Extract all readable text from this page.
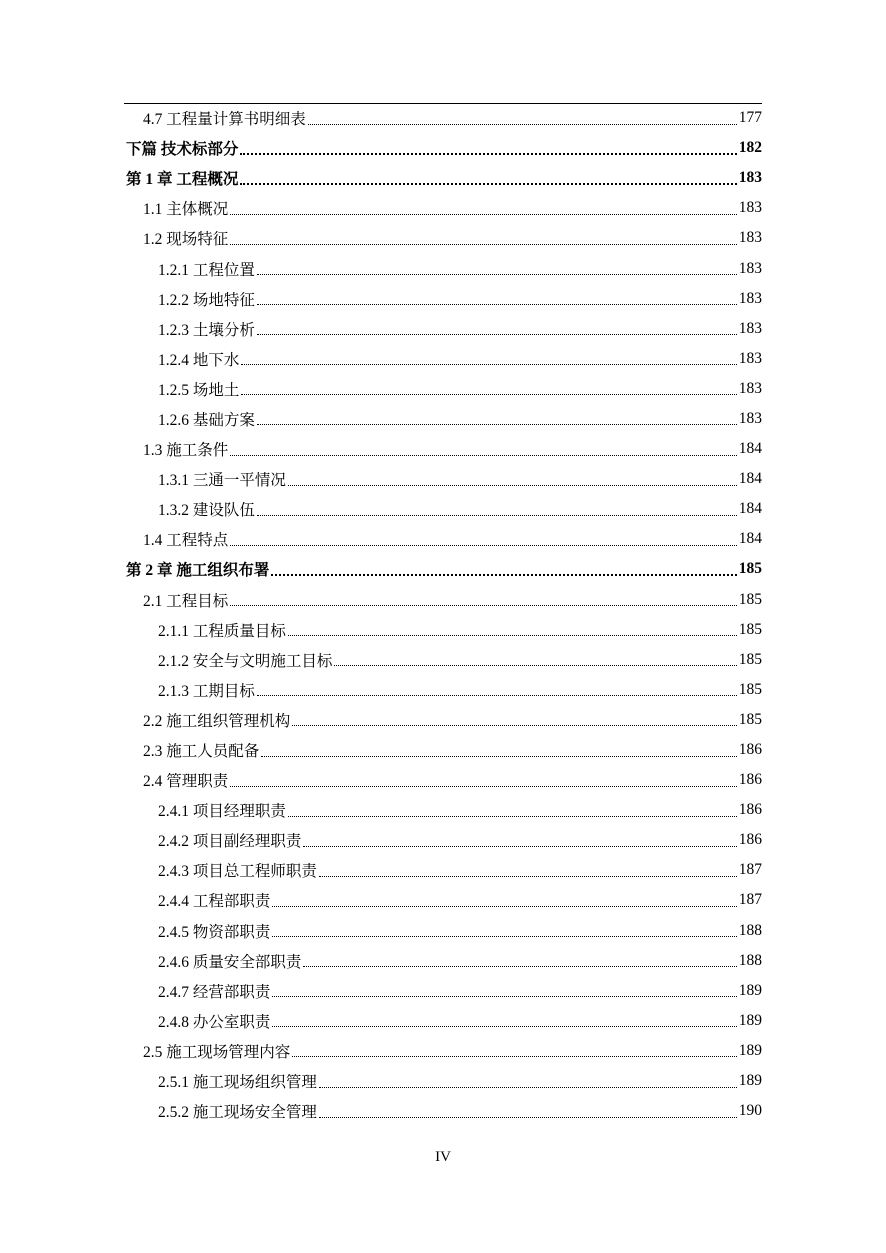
4.7 工程量计算书明细表	177
下篇 技术标部分	182
第 1 章 工程概况	183
1.1 主体概况	183
1.2 现场特征	183
1.2.1 工程位置	183
1.2.2 场地特征	183
1.2.3 土壤分析	183
1.2.4 地下水	183
1.2.5 场地土	183
1.2.6 基础方案	183
1.3 施工条件	184
1.3.1 三通一平情况	184
1.3.2 建设队伍	184
1.4 工程特点	184
第 2 章 施工组织布署	185
2.1 工程目标	185
2.1.1 工程质量目标	185
2.1.2 安全与文明施工目标	185
2.1.3 工期目标	185
2.2 施工组织管理机构	185
2.3 施工人员配备	186
2.4 管理职责	186
2.4.1 项目经理职责	186
2.4.2 项目副经理职责	186
2.4.3 项目总工程师职责	187
2.4.4 工程部职责	187
2.4.5 物资部职责	188
2.4.6 质量安全部职责	188
2.4.7 经营部职责	189
2.4.8 办公室职责	189
2.5 施工现场管理内容	189
2.5.1 施工现场组织管理	189
2.5.2 施工现场安全管理	190
IV
